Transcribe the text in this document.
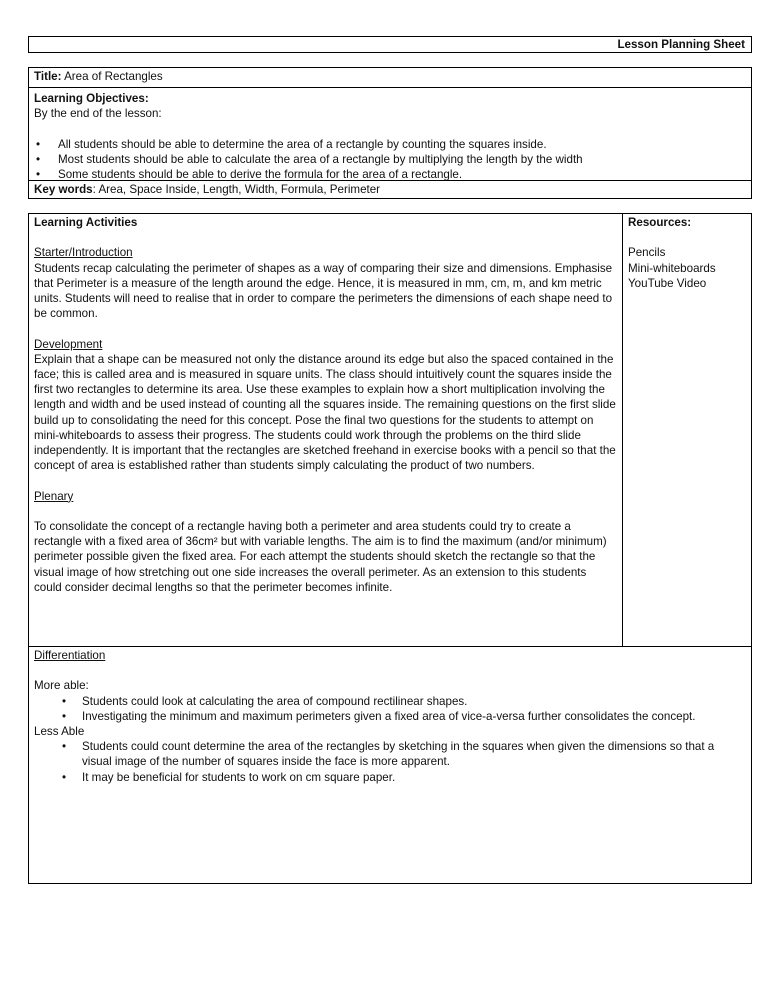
Lesson Planning Sheet
Title: Area of Rectangles
Learning Objectives:
By the end of the lesson:
• All students should be able to determine the area of a rectangle by counting the squares inside.
• Most students should be able to calculate the area of a rectangle by multiplying the length by the width
• Some students should be able to derive the formula for the area of a rectangle.
Key words: Area, Space Inside, Length, Width, Formula, Perimeter
Learning Activities
Starter/Introduction

Students recap calculating the perimeter of shapes as a way of comparing their size and dimensions. Emphasise that Perimeter is a measure of the length around the edge. Hence, it is measured in mm, cm, m, and km metric units. Students will need to realise that in order to compare the perimeters the dimensions of each shape need to be common.

Development

Explain that a shape can be measured not only the distance around its edge but also the spaced contained in the face; this is called area and is measured in square units. The class should intuitively count the squares inside the first two rectangles to determine its area. Use these examples to explain how a short multiplication involving the length and width and be used instead of counting all the squares inside. The remaining questions on the first slide build up to consolidating the need for this concept. Pose the final two questions for the students to attempt on mini-whiteboards to assess their progress. The students could work through the problems on the third slide independently. It is important that the rectangles are sketched freehand in exercise books with a pencil so that the concept of area is established rather than students simply calculating the product of two numbers.

Plenary

To consolidate the concept of a rectangle having both a perimeter and area students could try to create a rectangle with a fixed area of 36cm² but with variable lengths. The aim is to find the maximum (and/or minimum) perimeter possible given the fixed area. For each attempt the students should sketch the rectangle so that the visual image of how stretching out one side increases the overall perimeter. As an extension to this students could consider decimal lengths so that the perimeter becomes infinite.

Resources:
Pencils
Mini-whiteboards
YouTube Video
Differentiation
More able:
• Students could look at calculating the area of compound rectilinear shapes.
• Investigating the minimum and maximum perimeters given a fixed area of vice-a-versa further consolidates the concept.
Less Able
• Students could count determine the area of the rectangles by sketching in the squares when given the dimensions so that a visual image of the number of squares inside the face is more apparent.
• It may be beneficial for students to work on cm square paper.
